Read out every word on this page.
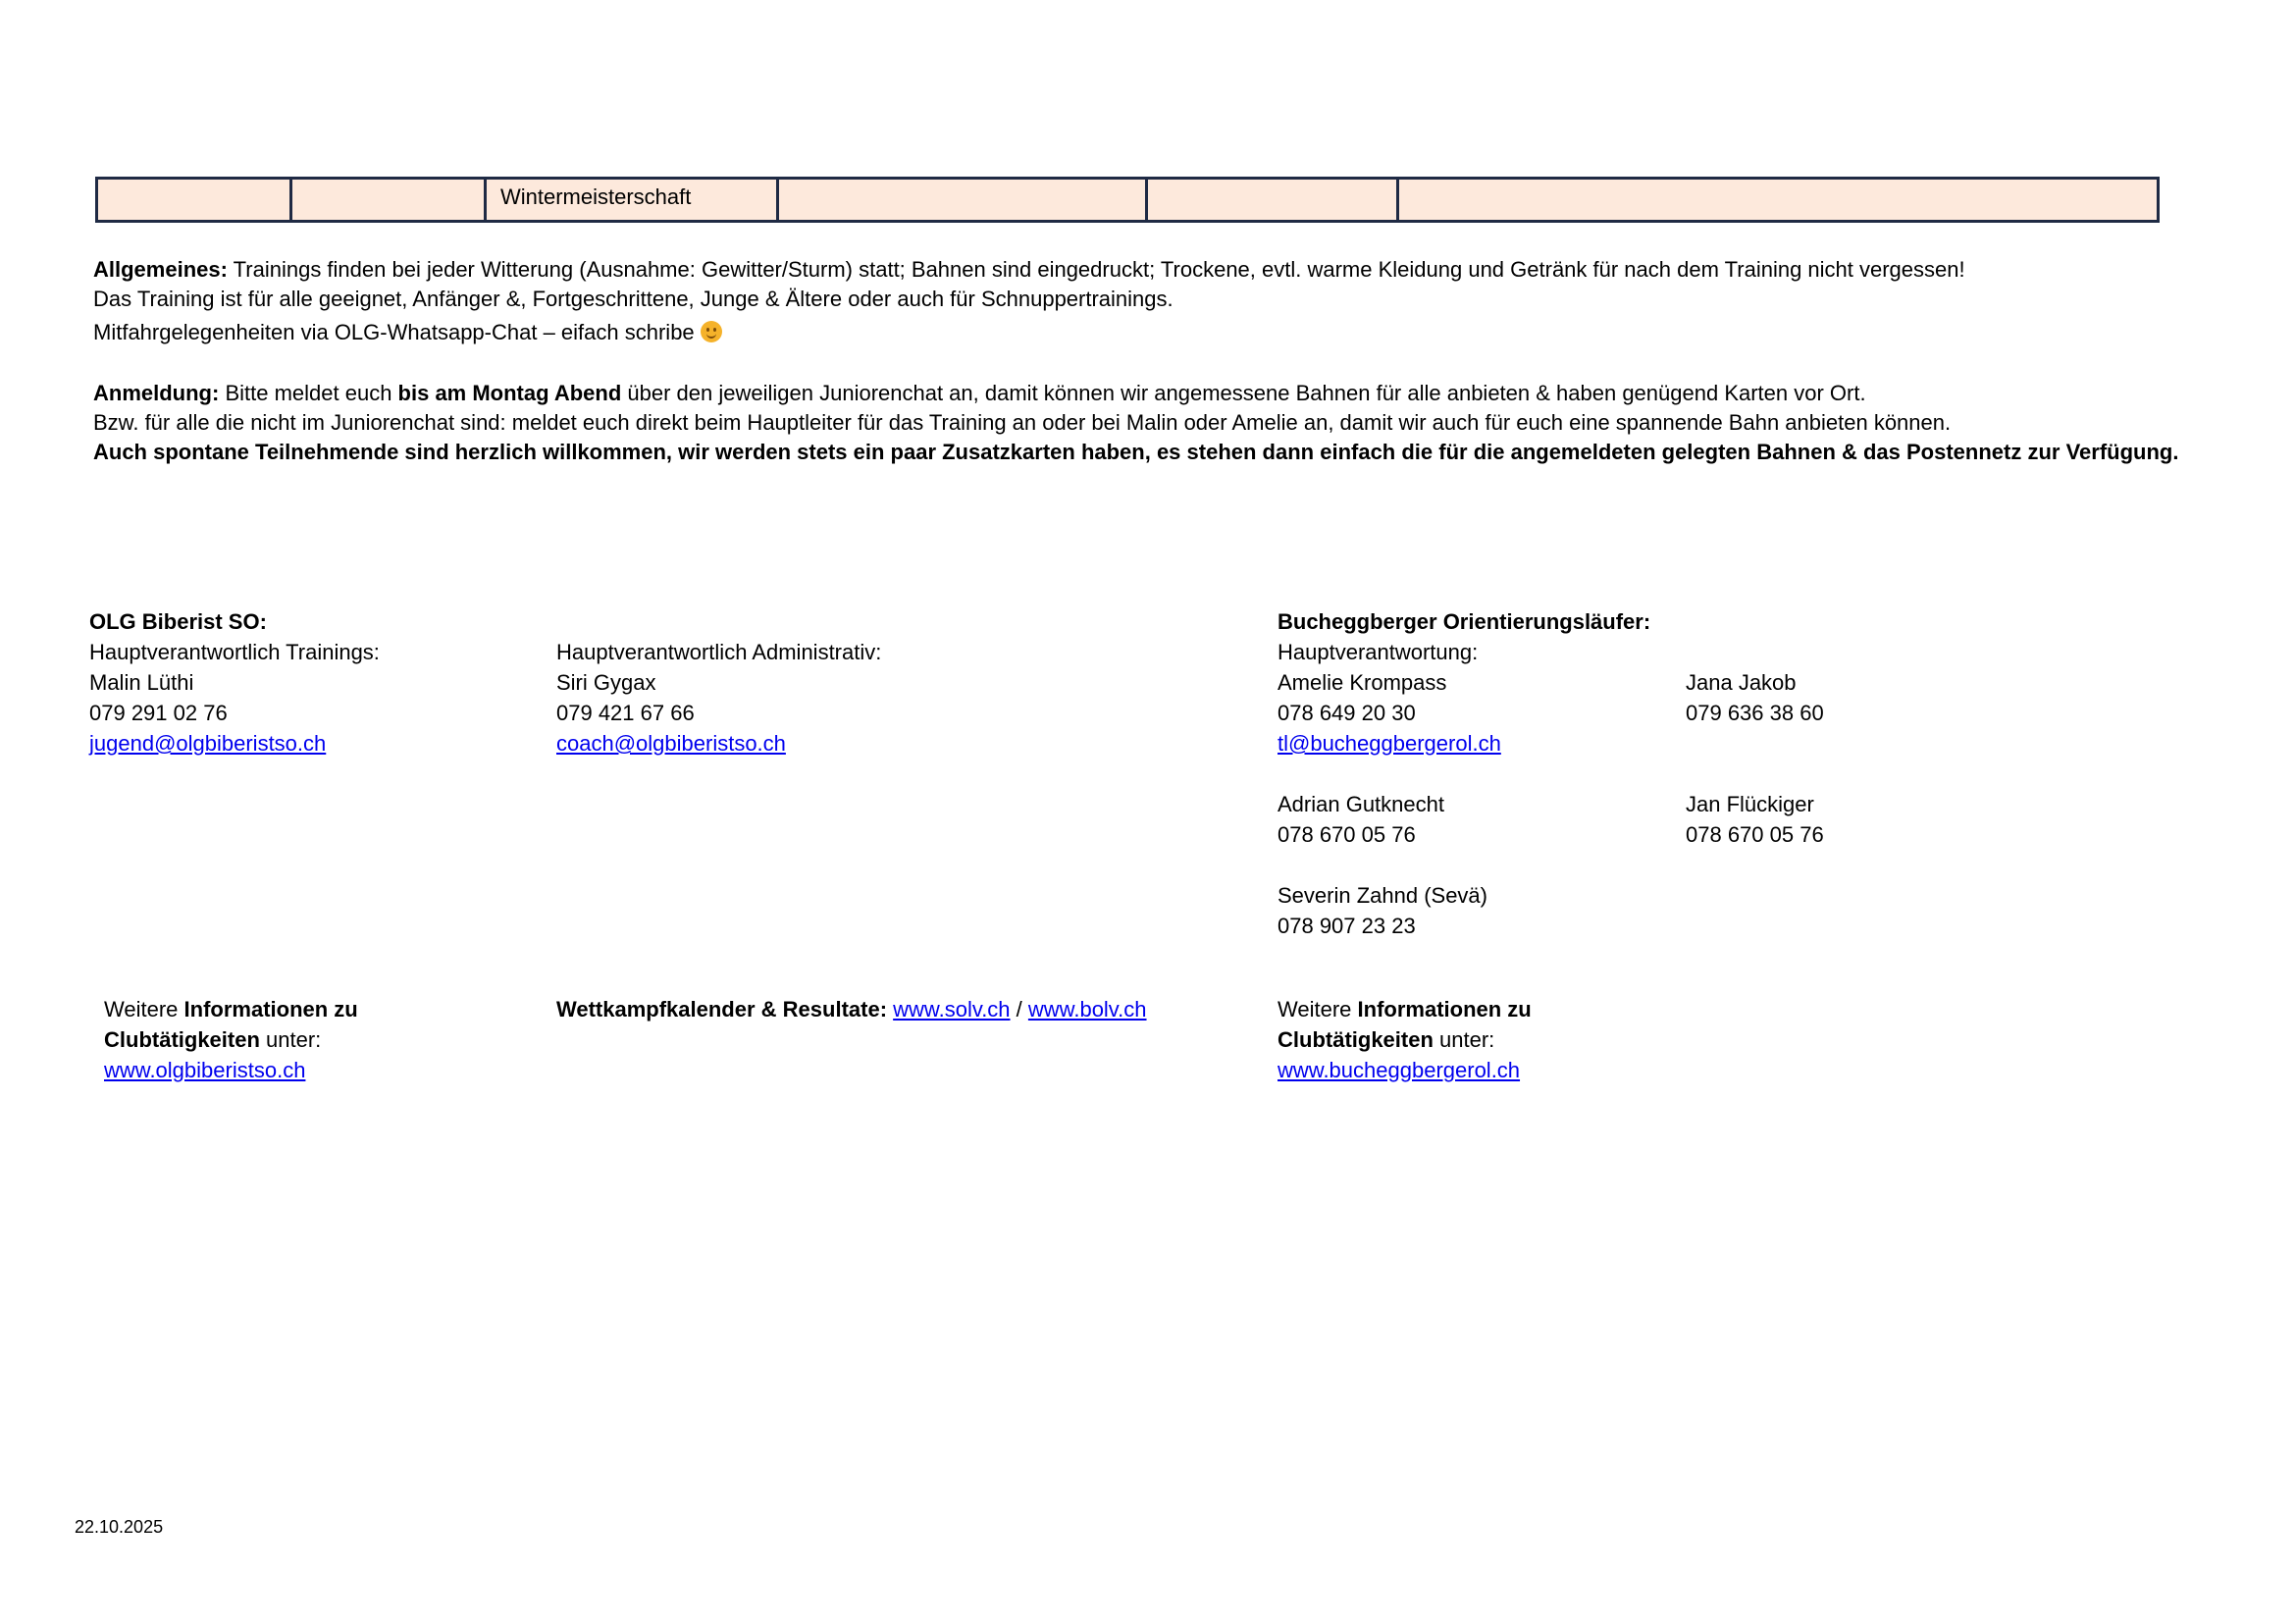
		Wintermeisterschaft			
Allgemeines: Trainings finden bei jeder Witterung (Ausnahme: Gewitter/Sturm) statt; Bahnen sind eingedruckt; Trockene, evtl. warme Kleidung und Getränk für nach dem Training nicht vergessen!
Das Training ist für alle geeignet, Anfänger &, Fortgeschrittene, Junge & Ältere oder auch für Schnuppertrainings.
Mitfahrgelegenheiten via OLG-Whatsapp-Chat – eifach schribe
Anmeldung: Bitte meldet euch bis am Montag Abend über den jeweiligen Juniorenchat an, damit können wir angemessene Bahnen für alle anbieten & haben genügend Karten vor Ort.
Bzw. für alle die nicht im Juniorenchat sind: meldet euch direkt beim Hauptleiter für das Training an oder bei Malin oder Amelie an, damit wir auch für euch eine spannende Bahn anbieten können.
Auch spontane Teilnehmende sind herzlich willkommen, wir werden stets ein paar Zusatzkarten haben, es stehen dann einfach die für die angemeldeten gelegten Bahnen & das Postennetz zur Verfügung.
OLG Biberist SO:
Hauptverantwortlich Trainings:
Malin Lüthi
079 291 02 76
jugend@olgbiberistso.ch
Hauptverantwortlich Administrativ:
Siri Gygax
079 421 67 66
coach@olgbiberistso.ch
Bucheggberger Orientierungsläufer:
Hauptverantwortung:
Amelie Krompass
078 649 20 30
tl@bucheggbergerol.ch
Jana Jakob
079 636 38 60
Adrian Gutknecht
078 670 05 76
Jan Flückiger
078 670 05 76
Severin Zahnd (Sevä)
078 907 23 23
Weitere Informationen zu
Clubtätigkeiten unter:
www.olgbiberistso.ch
Wettkampfkalender & Resultate: www.solv.ch / www.bolv.ch	Weitere Informationen zu
Clubtätigkeiten unter:
www.bucheggbergerol.ch
22.10.2025
